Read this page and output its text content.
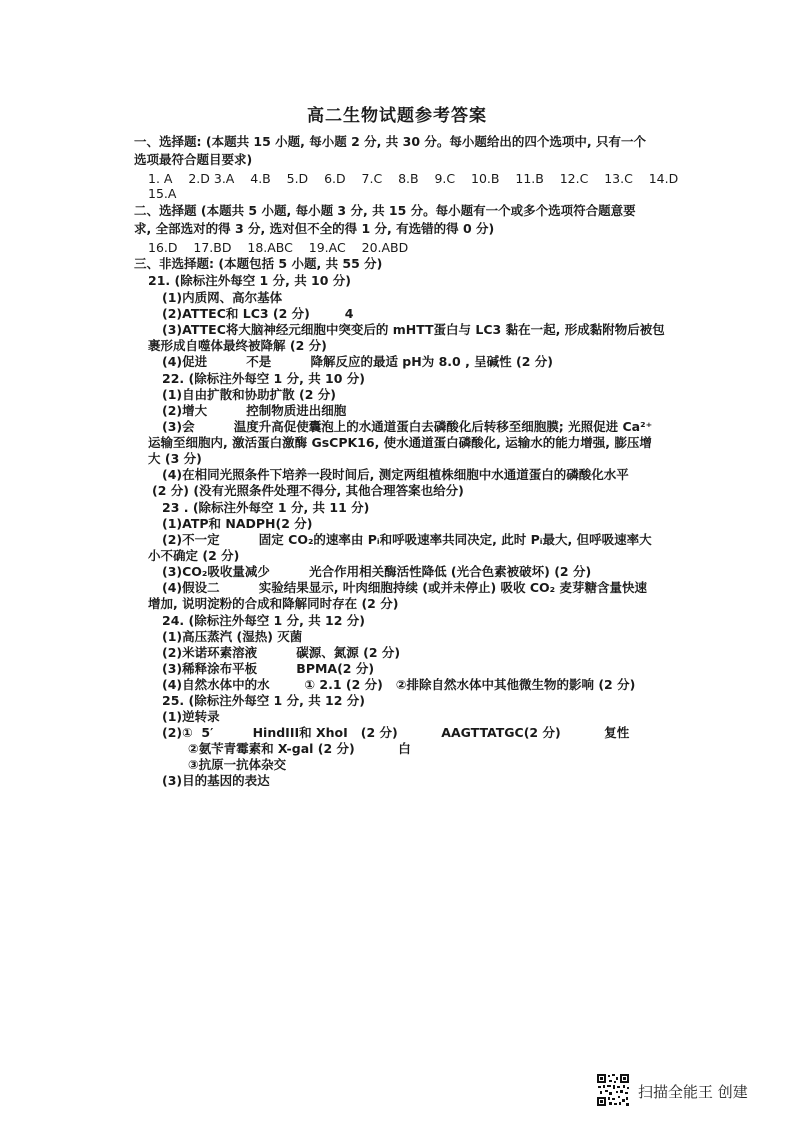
高二生物试题参考答案
一、选择题: (本题共 15 小题, 每小题 2 分, 共 30 分。每小题给出的四个选项中, 只有一个
选项最符合题目要求)
1. A    2.D 3.A    4.B    5.D    6.D    7.C    8.B    9.C    10.B    11.B    12.C    13.C    14.D
15.A
二、选择题 (本题共 5 小题, 每小题 3 分, 共 15 分。每小题有一个或多个选项符合题意要
求, 全部选对的得 3 分, 选对但不全的得 1 分, 有选错的得 0 分)
16.D    17.BD    18.ABC    19.AC    20.ABD
三、非选择题: (本题包括 5 小题, 共 55 分)
21. (除标注外每空 1 分, 共 10 分)
(1)内质网、高尔基体
(2)ATTEC和 LC3 (2 分)        4
(3)ATTEC将大脑神经元细胞中突变后的 mHTT蛋白与 LC3 黏在一起, 形成黏附物后被包
裹形成自噬体最终被降解 (2 分)
(4)促进         不是         降解反应的最适 pH为 8.0 , 呈碱性 (2 分)
22. (除标注外每空 1 分, 共 10 分)
(1)自由扩散和协助扩散 (2 分)
(2)增大         控制物质进出细胞
(3)会         温度升高促使囊泡上的水通道蛋白去磷酸化后转移至细胞膜; 光照促进 Ca²⁺
运输至细胞内, 激活蛋白激酶 GsCPK16, 使水通道蛋白磷酸化, 运输水的能力增强, 膨压增
大 (3 分)
(4)在相同光照条件下培养一段时间后, 测定两组植株细胞中水通道蛋白的磷酸化水平
(2 分) (没有光照条件处理不得分, 其他合理答案也给分)
23 . (除标注外每空 1 分, 共 11 分)
(1)ATP和 NADPH(2 分)
(2)不一定         固定 CO₂的速率由 Pᵢ和呼吸速率共同决定, 此时 Pᵢ最大, 但呼吸速率大
小不确定 (2 分)
(3)CO₂吸收量减少         光合作用相关酶活性降低 (光合色素被破坏) (2 分)
(4)假设二         实验结果显示, 叶肉细胞持续 (或并未停止) 吸收 CO₂ 麦芽糖含量快速
增加, 说明淀粉的合成和降解同时存在 (2 分)
24. (除标注外每空 1 分, 共 12 分)
(1)高压蒸汽 (湿热) 灭菌
(2)米诺环素溶液         碳源、氮源 (2 分)
(3)稀释涂布平板         BPMA(2 分)
(4)自然水体中的水        ① 2.1 (2 分)   ②排除自然水体中其他微生物的影响 (2 分)
25. (除标注外每空 1 分, 共 12 分)
(1)逆转录
(2)①  5′         HindIII和 XhoI   (2 分)          AAGTTATGC(2 分)          复性
②氨苄青霉素和 X-gal (2 分)          白
③抗原一抗体杂交
(3)目的基因的表达
扫描全能王 创建
